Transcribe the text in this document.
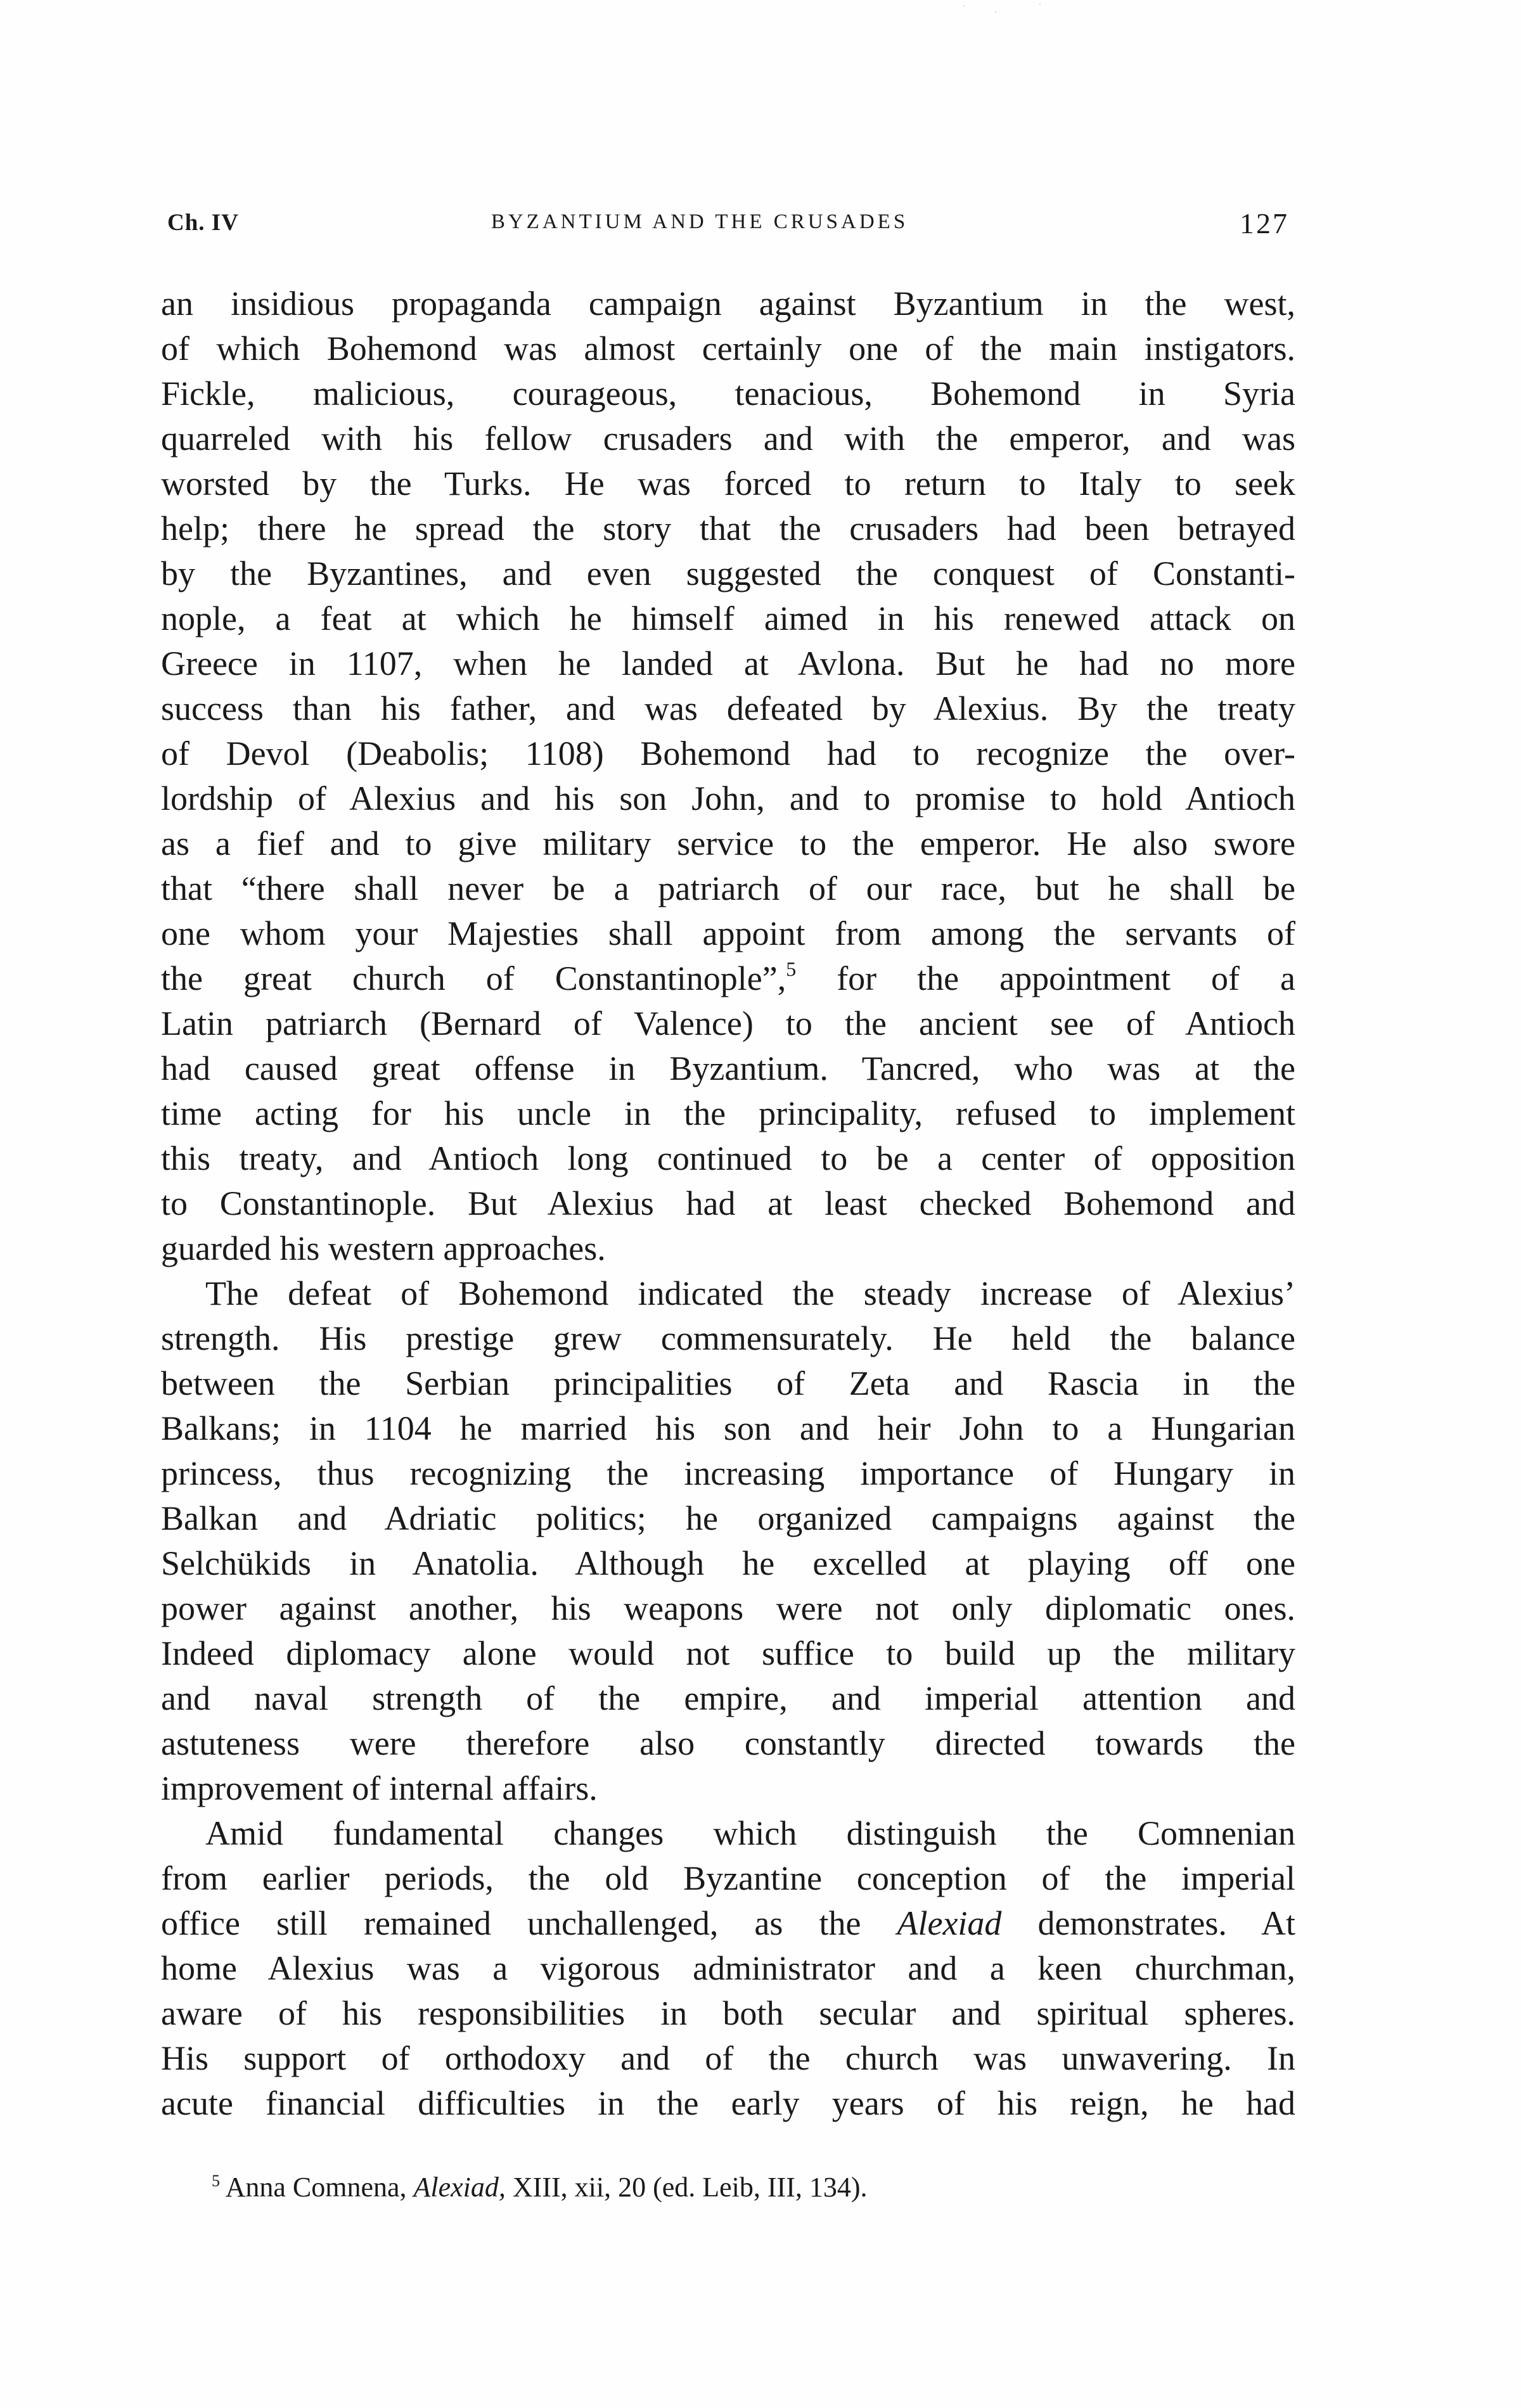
Ch. IV	BYZANTIUM AND THE CRUSADES	127
an insidious propaganda campaign against Byzantium in the west,
of which Bohemond was almost certainly one of the main instigators.
Fickle, malicious, courageous, tenacious, Bohemond in Syria
quarreled with his fellow crusaders and with the emperor, and was
worsted by the Turks. He was forced to return to Italy to seek
help; there he spread the story that the crusaders had been betrayed
by the Byzantines, and even suggested the conquest of Constanti-
nople, a feat at which he himself aimed in his renewed attack on
Greece in 1107, when he landed at Avlona. But he had no more
success than his father, and was defeated by Alexius. By the treaty
of Devol (Deabolis; 1108) Bohemond had to recognize the over-
lordship of Alexius and his son John, and to promise to hold Antioch
as a fief and to give military service to the emperor. He also swore
that “there shall never be a patriarch of our race, but he shall be
one whom your Majesties shall appoint from among the servants of
the great church of Constantinople”,$^5$ for the appointment of a
Latin patriarch (Bernard of Valence) to the ancient see of Antioch
had caused great offense in Byzantium. Tancred, who was at the
time acting for his uncle in the principality, refused to implement
this treaty, and Antioch long continued to be a center of opposition
to Constantinople. But Alexius had at least checked Bohemond and
guarded his western approaches.
The defeat of Bohemond indicated the steady increase of Alexius’
strength. His prestige grew commensurately. He held the balance
between the Serbian principalities of Zeta and Rascia in the
Balkans; in 1104 he married his son and heir John to a Hungarian
princess, thus recognizing the increasing importance of Hungary in
Balkan and Adriatic politics; he organized campaigns against the
Selchükids in Anatolia. Although he excelled at playing off one
power against another, his weapons were not only diplomatic ones.
Indeed diplomacy alone would not suffice to build up the military
and naval strength of the empire, and imperial attention and
astuteness were therefore also constantly directed towards the
improvement of internal affairs.
Amid fundamental changes which distinguish the Comnenian
from earlier periods, the old Byzantine conception of the imperial
office still remained unchallenged, as the Alexiad demonstrates. At
home Alexius was a vigorous administrator and a keen churchman,
aware of his responsibilities in both secular and spiritual spheres.
His support of orthodoxy and of the church was unwavering. In
acute financial difficulties in the early years of his reign, he had
$^5$ Anna Comnena, Alexiad, XIII, xii, 20 (ed. Leib, III, 134).
